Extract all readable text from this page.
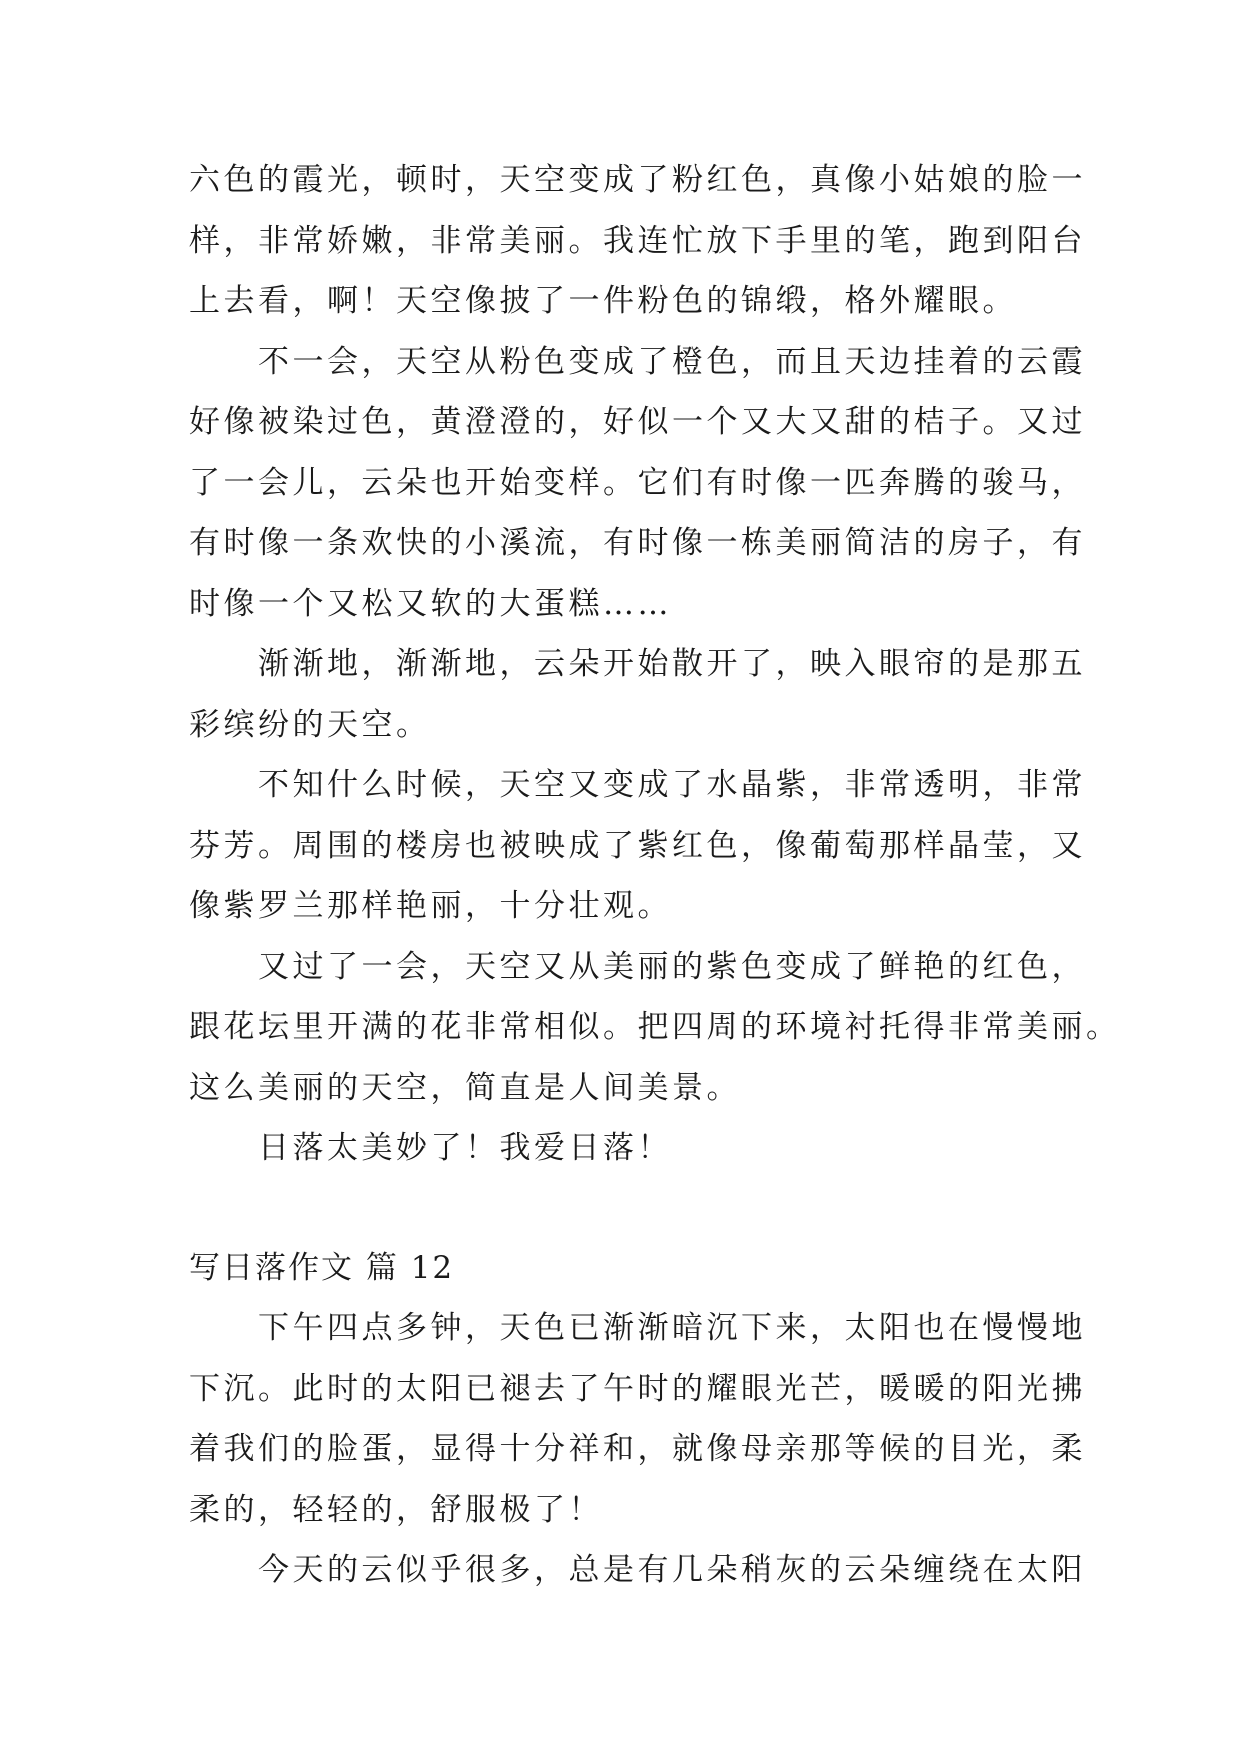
六色的霞光，顿时，天空变成了粉红色，真像小姑娘的脸一
样，非常娇嫩，非常美丽。我连忙放下手里的笔，跑到阳台
上去看，啊！天空像披了一件粉色的锦缎，格外耀眼。
不一会，天空从粉色变成了橙色，而且天边挂着的云霞
好像被染过色，黄澄澄的，好似一个又大又甜的桔子。又过
了一会儿，云朵也开始变样。它们有时像一匹奔腾的骏马，
有时像一条欢快的小溪流，有时像一栋美丽简洁的房子，有
时像一个又松又软的大蛋糕……
渐渐地，渐渐地，云朵开始散开了，映入眼帘的是那五
彩缤纷的天空。
不知什么时候，天空又变成了水晶紫，非常透明，非常
芬芳。周围的楼房也被映成了紫红色，像葡萄那样晶莹，又
像紫罗兰那样艳丽，十分壮观。
又过了一会，天空又从美丽的紫色变成了鲜艳的红色，
跟花坛里开满的花非常相似。把四周的环境衬托得非常美丽。
这么美丽的天空，简直是人间美景。
日落太美妙了！我爱日落！
写日落作文 篇 12
下午四点多钟，天色已渐渐暗沉下来，太阳也在慢慢地
下沉。此时的太阳已褪去了午时的耀眼光芒，暖暖的阳光拂
着我们的脸蛋，显得十分祥和，就像母亲那等候的目光，柔
柔的，轻轻的，舒服极了！
今天的云似乎很多，总是有几朵稍灰的云朵缠绕在太阳
